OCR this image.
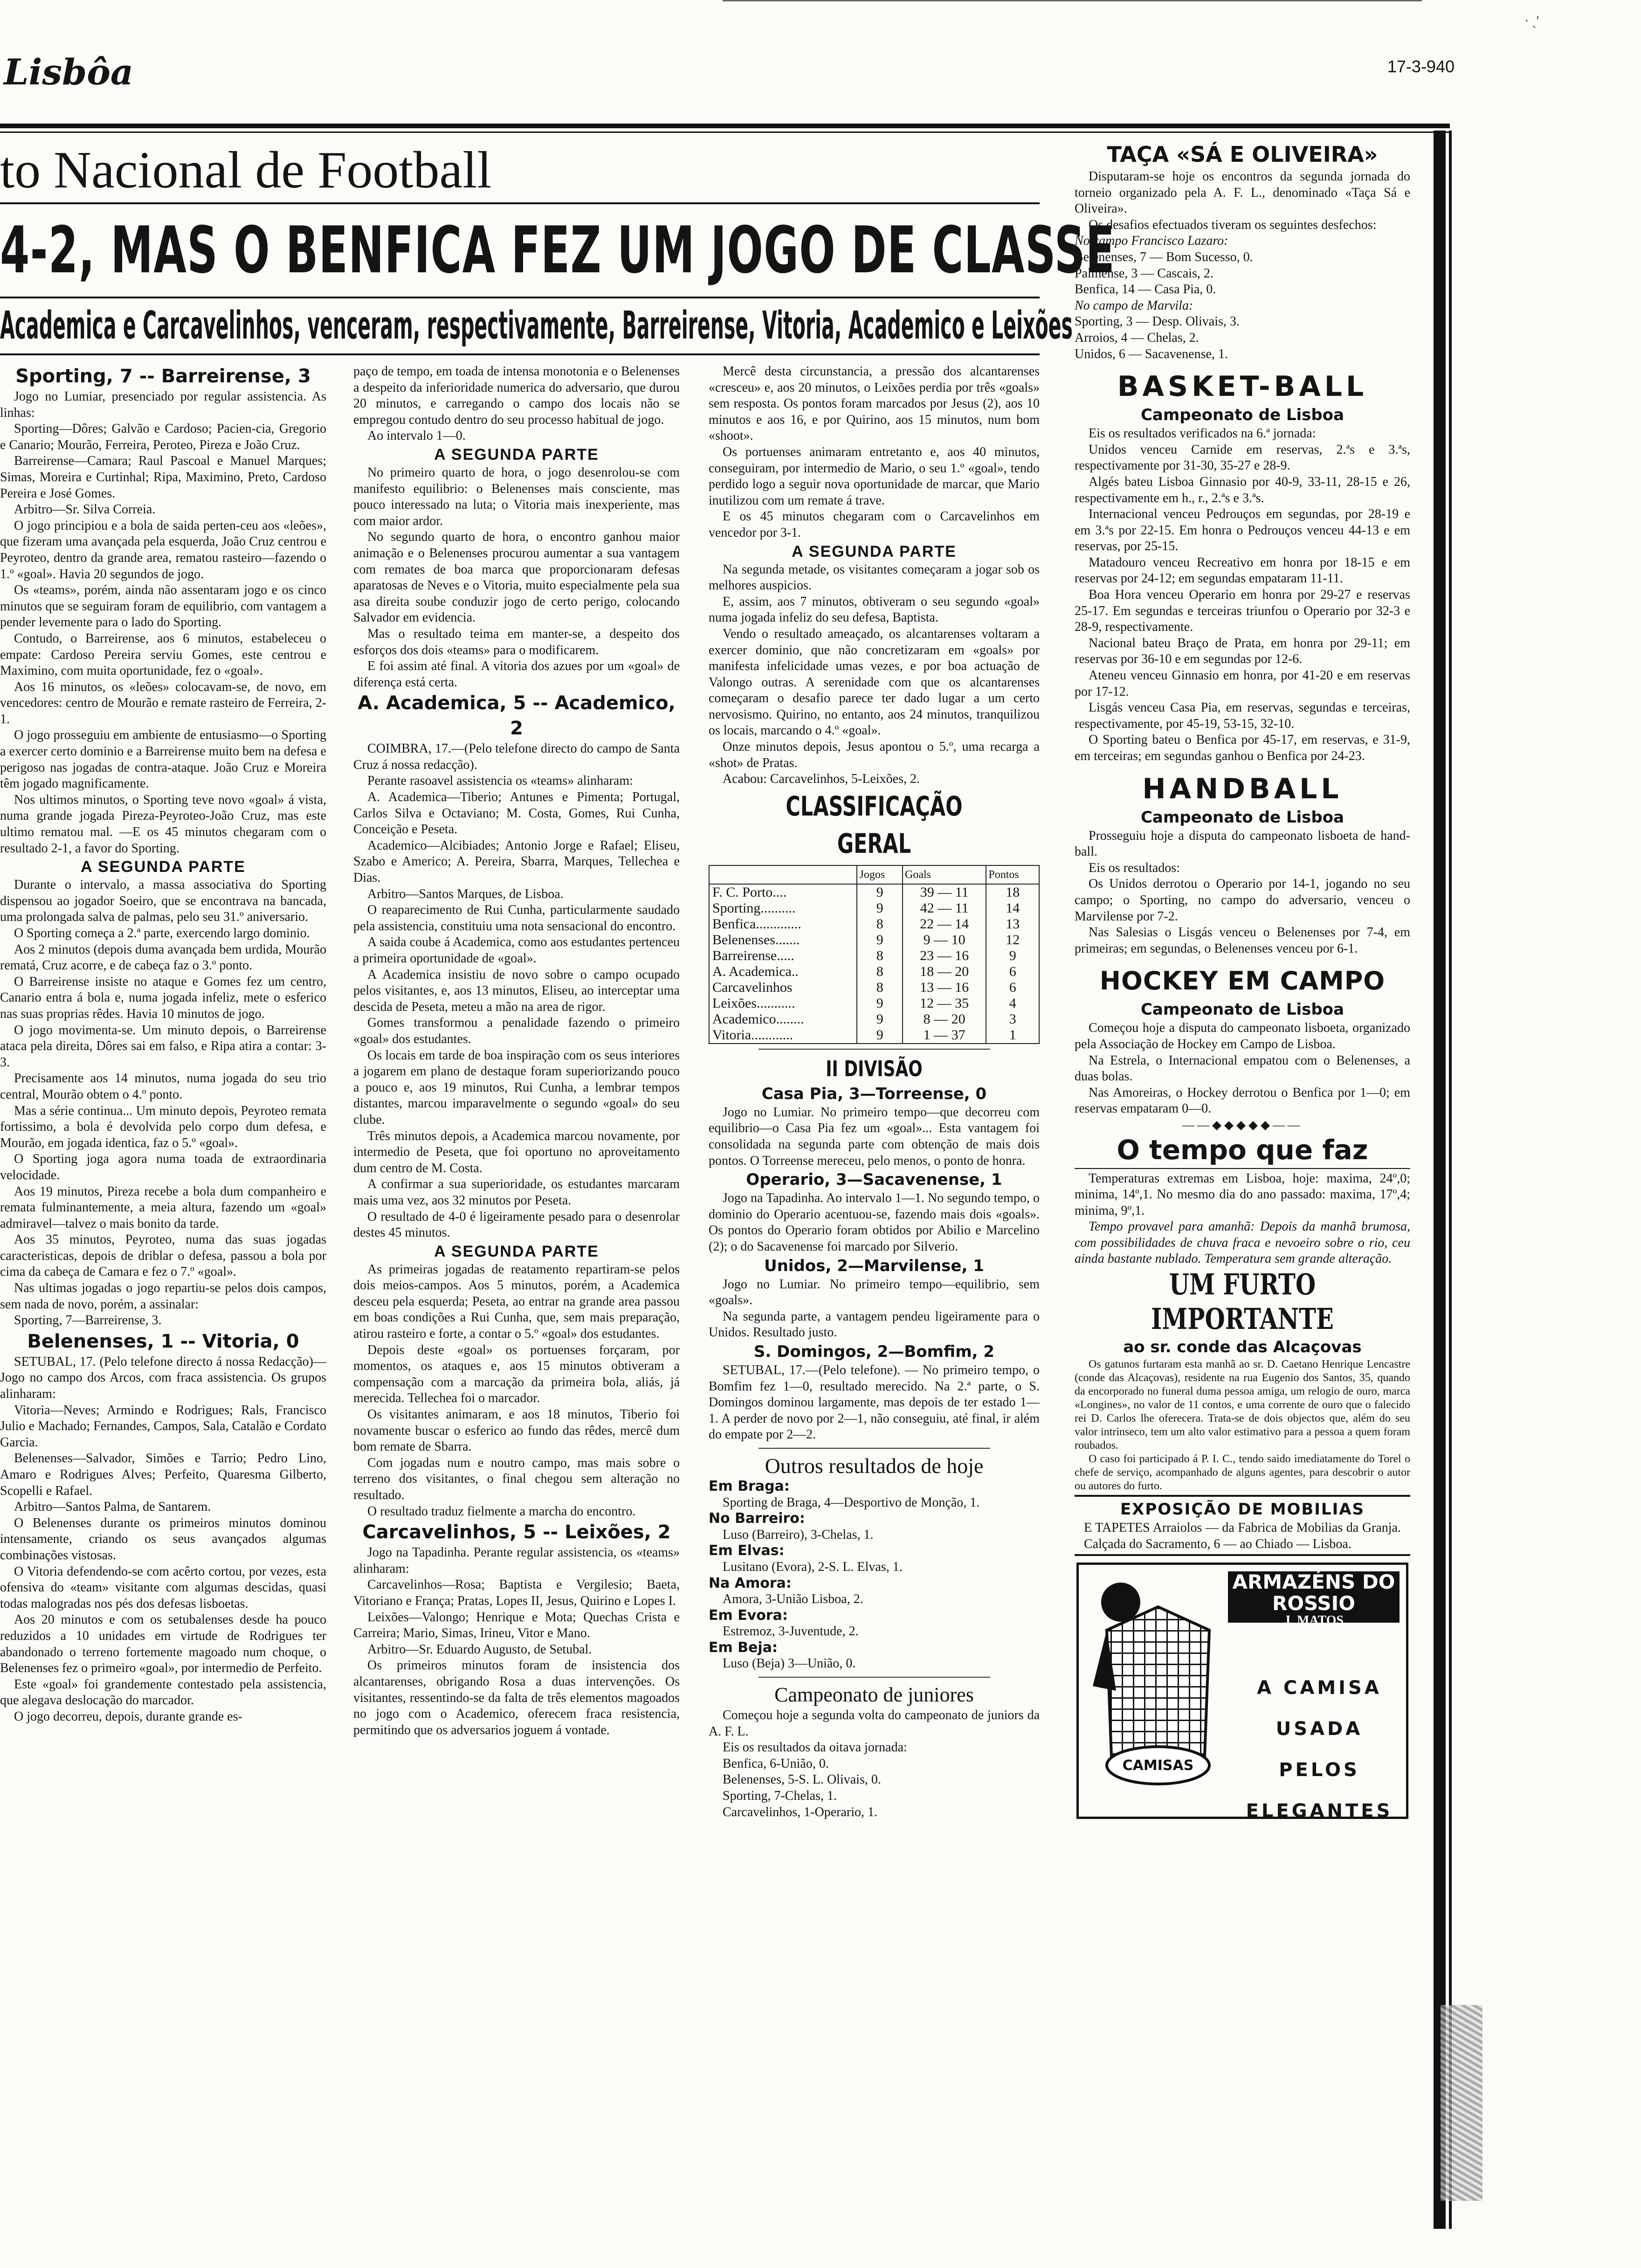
· ˏ′
Lisbôa	17-3-940
to Nacional de Football
4-2, MAS O BENFICA FEZ UM JOGO DE CLASSE
Academica e Carcavelinhos, venceram, respectivamente, Barreirense, Vitoria, Academico e Leixões
Sporting, 7 -- Barreirense, 3

Jogo no Lumiar, presenciado por regular assistencia. As linhas:

Sporting—Dôres; Galvão e Cardoso; Pacien-cia, Gregorio e Canario; Mourão, Ferreira, Peroteo, Pireza e João Cruz.

Barreirense—Camara; Raul Pascoal e Manuel Marques; Simas, Moreira e Curtinhal; Ripa, Maximino, Preto, Cardoso Pereira e José Gomes.

Arbitro—Sr. Silva Correia.

O jogo principiou e a bola de saida perten-ceu aos «leões», que fizeram uma avançada pela esquerda, João Cruz centrou e Peyroteo, dentro da grande area, rematou rasteiro—fazendo o 1.º «goal». Havia 20 segundos de jogo.

Os «teams», porém, ainda não assentaram jogo e os cinco minutos que se seguiram foram de equilibrio, com vantagem a pender levemente para o lado do Sporting.

Contudo, o Barreirense, aos 6 minutos, estabeleceu o empate: Cardoso Pereira serviu Gomes, este centrou e Maximino, com muita oportunidade, fez o «goal».

Aos 16 minutos, os «leões» colocavam-se, de novo, em vencedores: centro de Mourão e remate rasteiro de Ferreira, 2-1.

O jogo prosseguiu em ambiente de entusiasmo—o Sporting a exercer certo dominio e a Barreirense muito bem na defesa e perigoso nas jogadas de contra-ataque. João Cruz e Moreira têm jogado magnificamente.

Nos ultimos minutos, o Sporting teve novo «goal» á vista, numa grande jogada Pireza-Peyroteo-João Cruz, mas este ultimo rematou mal. —E os 45 minutos chegaram com o resultado 2-1, a favor do Sporting.

A SEGUNDA PARTE

Durante o intervalo, a massa associativa do Sporting dispensou ao jogador Soeiro, que se encontrava na bancada, uma prolongada salva de palmas, pelo seu 31.º aniversario.

O Sporting começa a 2.ª parte, exercendo largo dominio.

Aos 2 minutos (depois duma avançada bem urdida, Mourão rematá, Cruz acorre, e de cabeça faz o 3.º ponto.

O Barreirense insiste no ataque e Gomes fez um centro, Canario entra á bola e, numa jogada infeliz, mete o esferico nas suas proprias rêdes. Havia 10 minutos de jogo.

O jogo movimenta-se. Um minuto depois, o Barreirense ataca pela direita, Dôres sai em falso, e Ripa atira a contar: 3-3.

Precisamente aos 14 minutos, numa jogada do seu trio central, Mourão obtem o 4.º ponto.

Mas a série continua... Um minuto depois, Peyroteo remata fortissimo, a bola é devolvida pelo corpo dum defesa, e Mourão, em jogada identica, faz o 5.º «goal».

O Sporting joga agora numa toada de extraordinaria velocidade.

Aos 19 minutos, Pireza recebe a bola dum companheiro e remata fulminantemente, a meia altura, fazendo um «goal» admiravel—talvez o mais bonito da tarde.

Aos 35 minutos, Peyroteo, numa das suas jogadas caracteristicas, depois de driblar o defesa, passou a bola por cima da cabeça de Camara e fez o 7.º «goal».

Nas ultimas jogadas o jogo repartiu-se pelos dois campos, sem nada de novo, porém, a assinalar:

Sporting, 7—Barreirense, 3.

Belenenses, 1 -- Vitoria, 0

SETUBAL, 17. (Pelo telefone directo á nossa Redacção)—Jogo no campo dos Arcos, com fraca assistencia. Os grupos alinharam:

Vitoria—Neves; Armindo e Rodrigues; Rals, Francisco Julio e Machado; Fernandes, Campos, Sala, Catalão e Cordato Garcia.

Belenenses—Salvador, Simões e Tarrio; Pedro Lino, Amaro e Rodrigues Alves; Perfeito, Quaresma Gilberto, Scopelli e Rafael.

Arbitro—Santos Palma, de Santarem.

O Belenenses durante os primeiros minutos dominou intensamente, criando os seus avançados algumas combinações vistosas.

O Vitoria defendendo-se com acêrto cortou, por vezes, esta ofensiva do «team» visitante com algumas descidas, quasi todas malogradas nos pés dos defesas lisboetas.

Aos 20 minutos e com os setubalenses desde ha pouco reduzidos a 10 unidades em virtude de Rodrigues ter abandonado o terreno fortemente magoado num choque, o Belenenses fez o primeiro «goal», por intermedio de Perfeito.

Este «goal» foi grandemente contestado pela assistencia, que alegava deslocação do marcador.

O jogo decorreu, depois, durante grande es-

paço de tempo, em toada de intensa monotonia e o Belenenses a despeito da inferioridade numerica do adversario, que durou 20 minutos, e carregando o campo dos locais não se empregou contudo dentro do seu processo habitual de jogo.

Ao intervalo 1—0.

A SEGUNDA PARTE

No primeiro quarto de hora, o jogo desenrolou-se com manifesto equilibrio: o Belenenses mais consciente, mas pouco interessado na luta; o Vitoria mais inexperiente, mas com maior ardor.

No segundo quarto de hora, o encontro ganhou maior animação e o Belenenses procurou aumentar a sua vantagem com remates de boa marca que proporcionaram defesas aparatosas de Neves e o Vitoria, muito especialmente pela sua asa direita soube conduzir jogo de certo perigo, colocando Salvador em evidencia.

Mas o resultado teima em manter-se, a despeito dos esforços dos dois «teams» para o modificarem.

E foi assim até final. A vitoria dos azues por um «goal» de diferença está certa.

A. Academica, 5 -- Academico, 2

COIMBRA, 17.—(Pelo telefone directo do campo de Santa Cruz á nossa redacção).

Perante rasoavel assistencia os «teams» alinharam:

A. Academica—Tiberio; Antunes e Pimenta; Portugal, Carlos Silva e Octaviano; M. Costa, Gomes, Rui Cunha, Conceição e Peseta.

Academico—Alcibiades; Antonio Jorge e Rafael; Eliseu, Szabo e Americo; A. Pereira, Sbarra, Marques, Tellechea e Dias.

Arbitro—Santos Marques, de Lisboa.

O reaparecimento de Rui Cunha, particularmente saudado pela assistencia, constituiu uma nota sensacional do encontro.

A saida coube á Academica, como aos estudantes pertenceu a primeira oportunidade de «goal».

A Academica insistiu de novo sobre o campo ocupado pelos visitantes, e, aos 13 minutos, Eliseu, ao interceptar uma descida de Peseta, meteu a mão na area de rigor.

Gomes transformou a penalidade fazendo o primeiro «goal» dos estudantes.

Os locais em tarde de boa inspiração com os seus interiores a jogarem em plano de destaque foram superiorizando pouco a pouco e, aos 19 minutos, Rui Cunha, a lembrar tempos distantes, marcou imparavelmente o segundo «goal» do seu clube.

Três minutos depois, a Academica marcou novamente, por intermedio de Peseta, que foi oportuno no aproveitamento dum centro de M. Costa.

A confirmar a sua superioridade, os estudantes marcaram mais uma vez, aos 32 minutos por Peseta.

O resultado de 4-0 é ligeiramente pesado para o desenrolar destes 45 minutos.

A SEGUNDA PARTE

As primeiras jogadas de reatamento repartiram-se pelos dois meios-campos. Aos 5 minutos, porém, a Academica desceu pela esquerda; Peseta, ao entrar na grande area passou em boas condições a Rui Cunha, que, sem mais preparação, atirou rasteiro e forte, a contar o 5.º «goal» dos estudantes.

Depois deste «goal» os portuenses forçaram, por momentos, os ataques e, aos 15 minutos obtiveram a compensação com a marcação da primeira bola, aliás, já merecida. Tellechea foi o marcador.

Os visitantes animaram, e aos 18 minutos, Tiberio foi novamente buscar o esferico ao fundo das rêdes, mercê dum bom remate de Sbarra.

Com jogadas num e noutro campo, mas mais sobre o terreno dos visitantes, o final chegou sem alteração no resultado.

O resultado traduz fielmente a marcha do encontro.

Carcavelinhos, 5 -- Leixões, 2

Jogo na Tapadinha. Perante regular assistencia, os «teams» alinharam:

Carcavelinhos—Rosa; Baptista e Vergilesio; Baeta, Vitoriano e França; Pratas, Lopes II, Jesus, Quirino e Lopes I.

Leixões—Valongo; Henrique e Mota; Quechas Crista e Carreira; Mario, Simas, Irineu, Vitor e Mano.

Arbitro—Sr. Eduardo Augusto, de Setubal.

Os primeiros minutos foram de insistencia dos alcantarenses, obrigando Rosa a duas intervenções. Os visitantes, ressentindo-se da falta de três elementos magoados no jogo com o Academico, oferecem fraca resistencia, permitindo que os adversarios joguem á vontade.

Mercê desta circunstancia, a pressão dos alcantarenses «cresceu» e, aos 20 minutos, o Leixões perdia por três «goals» sem resposta. Os pontos foram marcados por Jesus (2), aos 10 minutos e aos 16, e por Quirino, aos 15 minutos, num bom «shoot».

Os portuenses animaram entretanto e, aos 40 minutos, conseguiram, por intermedio de Mario, o seu 1.º «goal», tendo perdido logo a seguir nova oportunidade de marcar, que Mario inutilizou com um remate á trave.

E os 45 minutos chegaram com o Carcavelinhos em vencedor por 3-1.

A SEGUNDA PARTE

Na segunda metade, os visitantes começaram a jogar sob os melhores auspicios.

E, assim, aos 7 minutos, obtiveram o seu segundo «goal» numa jogada infeliz do seu defesa, Baptista.

Vendo o resultado ameaçado, os alcantarenses voltaram a exercer dominio, que não concretizaram em «goals» por manifesta infelicidade umas vezes, e por boa actuação de Valongo outras. A serenidade com que os alcantarenses começaram o desafio parece ter dado lugar a um certo nervosismo. Quirino, no entanto, aos 24 minutos, tranquilizou os locais, marcando o 4.º «goal».

Onze minutos depois, Jesus apontou o 5.º, uma recarga a «shot» de Pratas.

Acabou: Carcavelinhos, 5-Leixões, 2.

CLASSIFICAÇÃO GERAL
	Jogos	Goals	Pontos
F. C. Porto....	9	39 — 11	18
Sporting..........	9	42 — 11	14
Benfica.............	8	22 — 14	13
Belenenses.......	9	9 — 10	12
Barreirense.....	8	23 — 16	9
A. Academica..	8	18 — 20	6
Carcavelinhos	8	13 — 16	6
Leixões...........	9	12 — 35	4
Academico........	9	8 — 20	3
Vitoria............	9	1 — 37	1
II DIVISÃO
Casa Pia, 3—Torreense, 0

Jogo no Lumiar. No primeiro tempo—que decorreu com equilibrio—o Casa Pia fez um «goal»... Esta vantagem foi consolidada na segunda parte com obtenção de mais dois pontos. O Torreense mereceu, pelo menos, o ponto de honra.

Operario, 3—Sacavenense, 1

Jogo na Tapadinha. Ao intervalo 1—1. No segundo tempo, o dominio do Operario acentuou-se, fazendo mais dois «goals». Os pontos do Operario foram obtidos por Abilio e Marcelino (2); o do Sacavenense foi marcado por Silverio.

Unidos, 2—Marvilense, 1

Jogo no Lumiar. No primeiro tempo—equilibrio, sem «goals».

Na segunda parte, a vantagem pendeu ligeiramente para o Unidos. Resultado justo.

S. Domingos, 2—Bomfim, 2

SETUBAL, 17.—(Pelo telefone). — No primeiro tempo, o Bomfim fez 1—0, resultado merecido. Na 2.ª parte, o S. Domingos dominou largamente, mas depois de ter estado 1—1. A perder de novo por 2—1, não conseguiu, até final, ir além do empate por 2—2.

Outros resultados de hoje
Em Braga:
Sporting de Braga, 4—Desportivo de Monção, 1.
No Barreiro:
Luso (Barreiro), 3-Chelas, 1.
Em Elvas:
Lusitano (Evora), 2-S. L. Elvas, 1.
Na Amora:
Amora, 3-União Lisboa, 2.
Em Evora:
Estremoz, 3-Juventude, 2.
Em Beja:
Luso (Beja) 3—União, 0.
Campeonato de juniores

Começou hoje a segunda volta do campeonato de juniors da A. F. L.

Eis os resultados da oitava jornada:

Benfica, 6-União, 0.
Belenenses, 5-S. L. Olivais, 0.
Sporting, 7-Chelas, 1.
Carcavelinhos, 1-Operario, 1.
TAÇA «SÁ E OLIVEIRA»

Disputaram-se hoje os encontros da segunda jornada do torneio organizado pela A. F. L., denominado «Taça Sá e Oliveira».

Os desafios efectuados tiveram os seguintes desfechos:

No campo Francisco Lazaro:
Belenenses, 7 — Bom Sucesso, 0.
Palmense, 3 — Cascais, 2.
Benfica, 14 — Casa Pia, 0.
No campo de Marvila:
Sporting, 3 — Desp. Olivais, 3.
Arroios, 4 — Chelas, 2.
Unidos, 6 — Sacavenense, 1.
BASKET-BALL
Campeonato de Lisboa

Eis os resultados verificados na 6.ª jornada:

Unidos venceu Carnide em reservas, 2.ªs e 3.ªs, respectivamente por 31-30, 35-27 e 28-9.

Algés bateu Lisboa Ginnasio por 40-9, 33-11, 28-15 e 26, respectivamente em h., r., 2.ªs e 3.ªs.

Internacional venceu Pedrouços em segundas, por 28-19 e em 3.ªs por 22-15. Em honra o Pedrouços venceu 44-13 e em reservas, por 25-15.

Matadouro venceu Recreativo em honra por 18-15 e em reservas por 24-12; em segundas empataram 11-11.

Boa Hora venceu Operario em honra por 29-27 e reservas 25-17. Em segundas e terceiras triunfou o Operario por 32-3 e 28-9, respectivamente.

Nacional bateu Braço de Prata, em honra por 29-11; em reservas por 36-10 e em segundas por 12-6.

Ateneu venceu Ginnasio em honra, por 41-20 e em reservas por 17-12.

Lisgás venceu Casa Pia, em reservas, segundas e terceiras, respectivamente, por 45-19, 53-15, 32-10.

O Sporting bateu o Benfica por 45-17, em reservas, e 31-9, em terceiras; em segundas ganhou o Benfica por 24-23.

HANDBALL
Campeonato de Lisboa

Prosseguiu hoje a disputa do campeonato lisboeta de hand-ball.

Eis os resultados:

Os Unidos derrotou o Operario por 14-1, jogando no seu campo; o Sporting, no campo do adversario, venceu o Marvilense por 7-2.

Nas Salesias o Lisgás venceu o Belenenses por 7-4, em primeiras; em segundas, o Belenenses venceu por 6-1.

HOCKEY EM CAMPO
Campeonato de Lisboa

Começou hoje a disputa do campeonato lisboeta, organizado pela Associação de Hockey em Campo de Lisboa.

Na Estrela, o Internacional empatou com o Belenenses, a duas bolas.

Nas Amoreiras, o Hockey derrotou o Benfica por 1—0; em reservas empataram 0—0.

——◆◆◆◆◆——
O tempo que faz

Temperaturas extremas em Lisboa, hoje: maxima, 24º,0; minima, 14º,1. No mesmo dia do ano passado: maxima, 17º,4; minima, 9º,1.

Tempo provavel para amanhã: Depois da manhã brumosa, com possibilidades de chuva fraca e nevoeiro sobre o rio, ceu ainda bastante nublado. Temperatura sem grande alteração.

UM FURTO IMPORTANTE
ao sr. conde das Alcaçovas

Os gatunos furtaram esta manhã ao sr. D. Caetano Henrique Lencastre (conde das Alcaçovas), residente na rua Eugenio dos Santos, 35, quando da encorporado no funeral duma pessoa amiga, um relogio de ouro, marca «Longines», no valor de 11 contos, e uma corrente de ouro que o falecido rei D. Carlos lhe oferecera. Trata-se de dois objectos que, além do seu valor intrinseco, tem um alto valor estimativo para a pessoa a quem foram roubados.

O caso foi participado á P. I. C., tendo saido imediatamente do Torel o chefe de serviço, acompanhado de alguns agentes, para descobrir o autor ou autores do furto.

EXPOSIÇÃO DE MOBILIAS

E TAPETES Arraiolos — da Fabrica de Mobilias da Granja. Calçada do Sacramento, 6 — ao Chiado — Lisboa.

CAMISAS
ARMAZÉNS DO ROSSIO
J. MATOS
ROSSIO, 79 - R. DOS CORREEIROS, 179
TEL. 2 1215 LISBOA
A CAMISA
USADA PELOS
ELEGANTES
